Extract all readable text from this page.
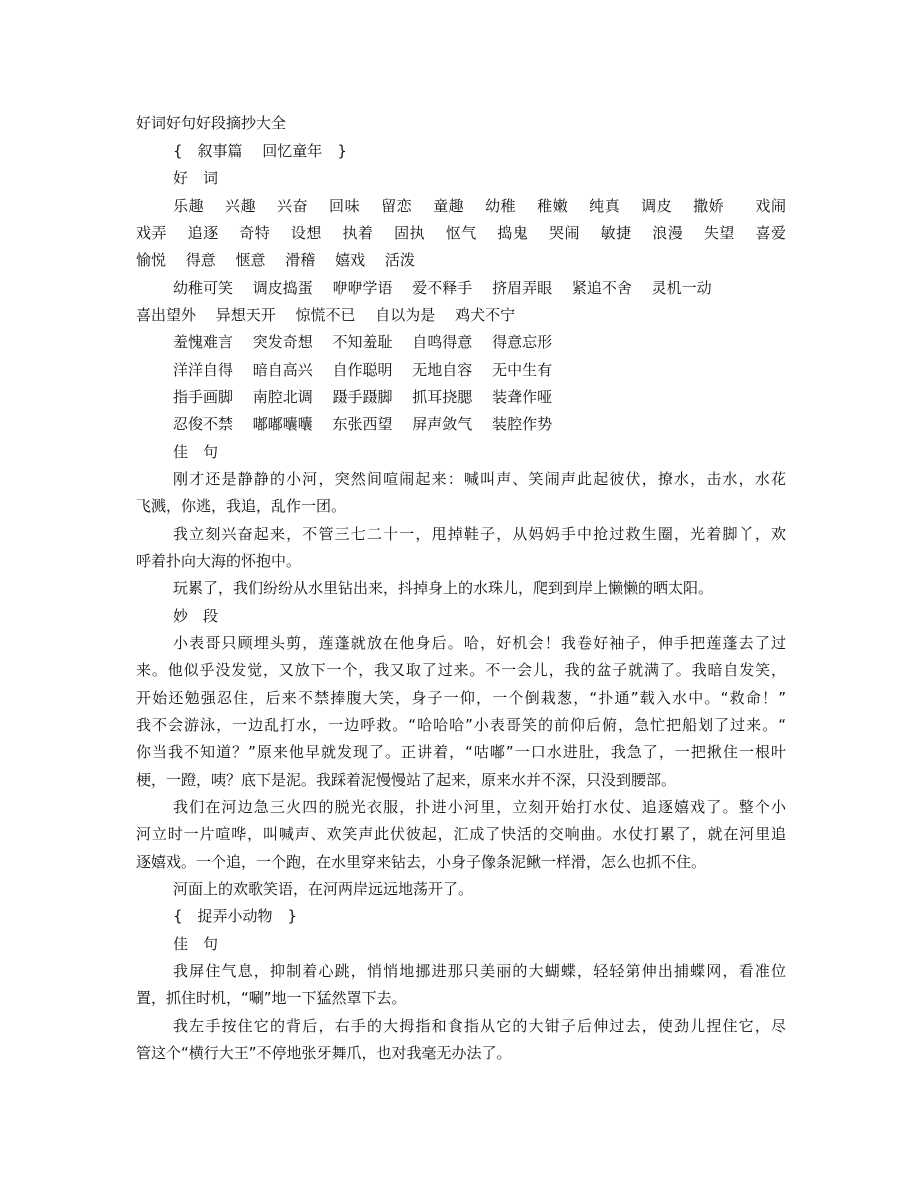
好词好句好段摘抄大全
{　叙事篇　 回忆童年　}
好　词
乐趣　 兴趣　 兴奋　 回味　 留恋　 童趣　 幼稚　 稚嫩　 纯真　 调皮　 撒娇　　戏闹
戏弄　 追逐　 奇特　 设想　 执着　 固执　 怄气　 捣鬼　 哭闹　 敏捷　 浪漫　 失望　 喜爱
愉悦　 得意　 惬意　 滑稽　 嬉戏　 活泼
幼稚可笑　 调皮捣蛋　 咿咿学语　 爱不释手　 挤眉弄眼　 紧追不舍　 灵机一动
喜出望外　 异想天开　 惊慌不已　 自以为是　 鸡犬不宁
羞愧难言　 突发奇想　 不知羞耻　 自鸣得意　 得意忘形
洋洋自得　 暗自高兴　 自作聪明　 无地自容　 无中生有
指手画脚　 南腔北调　 蹑手蹑脚　 抓耳挠腮　 装聋作哑
忍俊不禁　 嘟嘟囔囔　 东张西望　 屏声敛气　 装腔作势
佳　句
刚才还是静静的小河，突然间喧闹起来：喊叫声、笑闹声此起彼伏，撩水，击水，水花
飞溅，你逃，我追，乱作一团。
我立刻兴奋起来，不管三七二十一，甩掉鞋子，从妈妈手中抢过救生圈，光着脚丫，欢
呼着扑向大海的怀抱中。
玩累了，我们纷纷从水里钻出来，抖掉身上的水珠儿，爬到到岸上懒懒的晒太阳。
妙　段
小表哥只顾埋头剪，莲蓬就放在他身后。哈，好机会！我卷好袖子，伸手把莲蓬去了过
来。他似乎没发觉，又放下一个，我又取了过来。不一会儿，我的盆子就满了。我暗自发笑，
开始还勉强忍住，后来不禁捧腹大笑，身子一仰，一个倒栽葱，“扑通”载入水中。“救命！”
我不会游泳，一边乱打水，一边呼救。“哈哈哈”小表哥笑的前仰后俯，急忙把船划了过来。“
你当我不知道？”原来他早就发现了。正讲着，“咕嘟”一口水进肚，我急了，一把揪住一根叶
梗，一蹬，咦？底下是泥。我踩着泥慢慢站了起来，原来水并不深，只没到腰部。
我们在河边急三火四的脱光衣服，扑进小河里，立刻开始打水仗、追逐嬉戏了。整个小
河立时一片喧哗，叫喊声、欢笑声此伏彼起，汇成了快活的交响曲。水仗打累了，就在河里追
逐嬉戏。一个追，一个跑，在水里穿来钻去，小身子像条泥鳅一样滑，怎么也抓不住。
河面上的欢歌笑语，在河两岸远远地荡开了。
{　捉弄小动物　}
佳　句
我屏住气息，抑制着心跳，悄悄地挪进那只美丽的大蝴蝶，轻轻第伸出捕蝶网，看准位
置，抓住时机，“唰”地一下猛然罩下去。
我左手按住它的背后，右手的大拇指和食指从它的大钳子后伸过去，使劲儿捏住它，尽
管这个“横行大王”不停地张牙舞爪，也对我毫无办法了。
